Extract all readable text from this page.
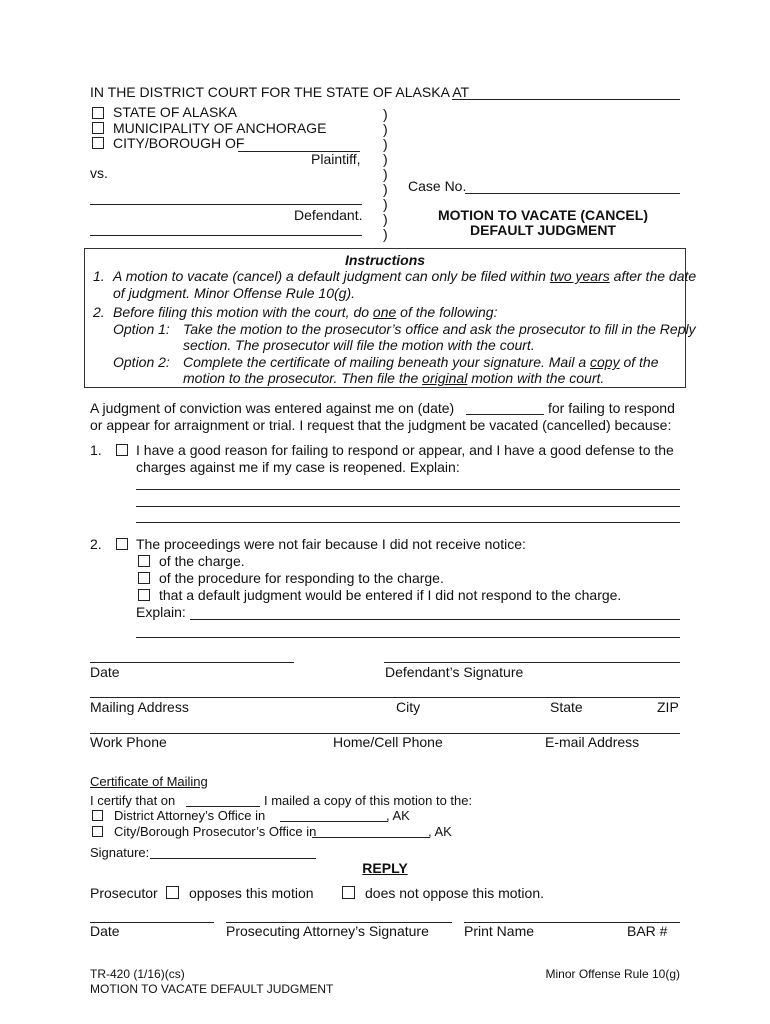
IN THE DISTRICT COURT FOR THE STATE OF ALASKA AT
STATE OF ALASKA
MUNICIPALITY OF ANCHORAGE
CITY/BOROUGH OF
Plaintiff,
vs.
Defendant.
)
)
)
)
)
)
)
)
)
Case No.
MOTION TO VACATE (CANCEL)
DEFAULT JUDGMENT
Instructions
1. A motion to vacate (cancel) a default judgment can only be filed within two years after the date
of judgment. Minor Offense Rule 10(g).
2. Before filing this motion with the court, do one of the following:
Option 1: Take the motion to the prosecutor’s office and ask the prosecutor to fill in the Reply
section. The prosecutor will file the motion with the court.
Option 2: Complete the certificate of mailing beneath your signature. Mail a copy of the
motion to the prosecutor. Then file the original motion with the court.
A judgment of conviction was entered against me on (date)	for failing to respond
or appear for arraignment or trial. I request that the judgment be vacated (cancelled) because:
1. I have a good reason for failing to respond or appear, and I have a good defense to the
charges against me if my case is reopened. Explain:
2. The proceedings were not fair because I did not receive notice:
of the charge.
of the procedure for responding to the charge.
that a default judgment would be entered if I did not respond to the charge.
Explain:
Date	Defendant’s Signature
Mailing Address	City	State	ZIP
Work Phone	Home/Cell Phone	E-mail Address
Certificate of Mailing
I certify that on	I mailed a copy of this motion to the:
District Attorney’s Office in	, AK
City/Borough Prosecutor’s Office in	, AK
Signature:
REPLY
Prosecutor opposes this motion	does not oppose this motion.
Date	Prosecuting Attorney’s Signature	Print Name	BAR #
TR-420 (1/16)(cs)
MOTION TO VACATE DEFAULT JUDGMENT
Minor Offense Rule 10(g)
